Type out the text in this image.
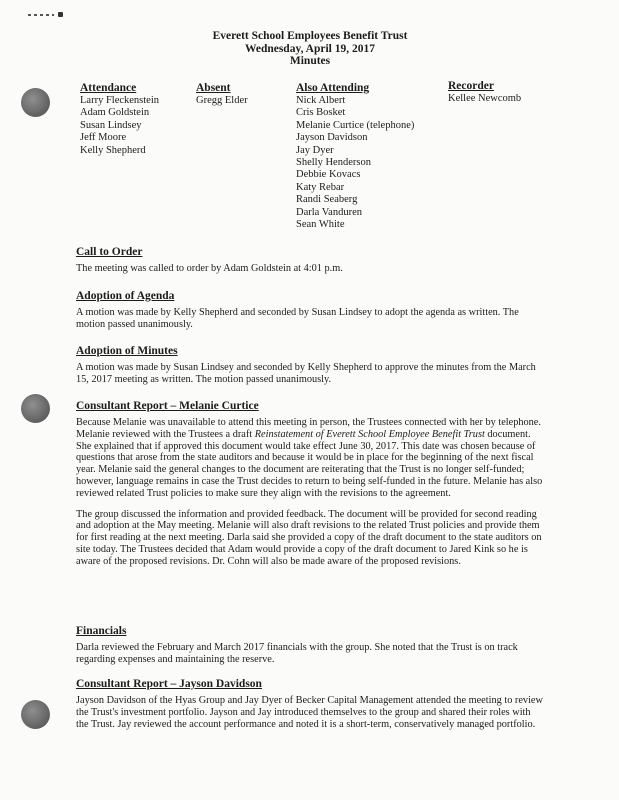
Everett School Employees Benefit Trust
Wednesday, April 19, 2017
Minutes
Attendance
Larry Fleckenstein
Adam Goldstein
Susan Lindsey
Jeff Moore
Kelly Shepherd
Absent
Gregg Elder
Also Attending
Nick Albert
Cris Bosket
Melanie Curtice (telephone)
Jayson Davidson
Jay Dyer
Shelly Henderson
Debbie Kovacs
Katy Rebar
Randi Seaberg
Darla Vanduren
Sean White
Recorder
Kellee Newcomb
Call to Order

The meeting was called to order by Adam Goldstein at 4:01 p.m.

Adoption of Agenda

A motion was made by Kelly Shepherd and seconded by Susan Lindsey to adopt the agenda as written. The motion passed unanimously.

Adoption of Minutes

A motion was made by Susan Lindsey and seconded by Kelly Shepherd to approve the minutes from the March 15, 2017 meeting as written. The motion passed unanimously.

Consultant Report – Melanie Curtice

Because Melanie was unavailable to attend this meeting in person, the Trustees connected with her by telephone. Melanie reviewed with the Trustees a draft Reinstatement of Everett School Employee Benefit Trust document. She explained that if approved this document would take effect June 30, 2017. This date was chosen because of questions that arose from the state auditors and because it would be in place for the beginning of the next fiscal year. Melanie said the general changes to the document are reiterating that the Trust is no longer self-funded; however, language remains in case the Trust decides to return to being self-funded in the future. Melanie has also reviewed related Trust policies to make sure they align with the revisions to the agreement.

The group discussed the information and provided feedback. The document will be provided for second reading and adoption at the May meeting. Melanie will also draft revisions to the related Trust policies and provide them for first reading at the next meeting. Darla said she provided a copy of the draft document to the state auditors on site today. The Trustees decided that Adam would provide a copy of the draft document to Jared Kink so he is aware of the proposed revisions. Dr. Cohn will also be made aware of the proposed revisions.

Financials

Darla reviewed the February and March 2017 financials with the group. She noted that the Trust is on track regarding expenses and maintaining the reserve.

Consultant Report – Jayson Davidson

Jayson Davidson of the Hyas Group and Jay Dyer of Becker Capital Management attended the meeting to review the Trust's investment portfolio. Jayson and Jay introduced themselves to the group and shared their roles with the Trust. Jay reviewed the account performance and noted it is a short-term, conservatively managed portfolio.
